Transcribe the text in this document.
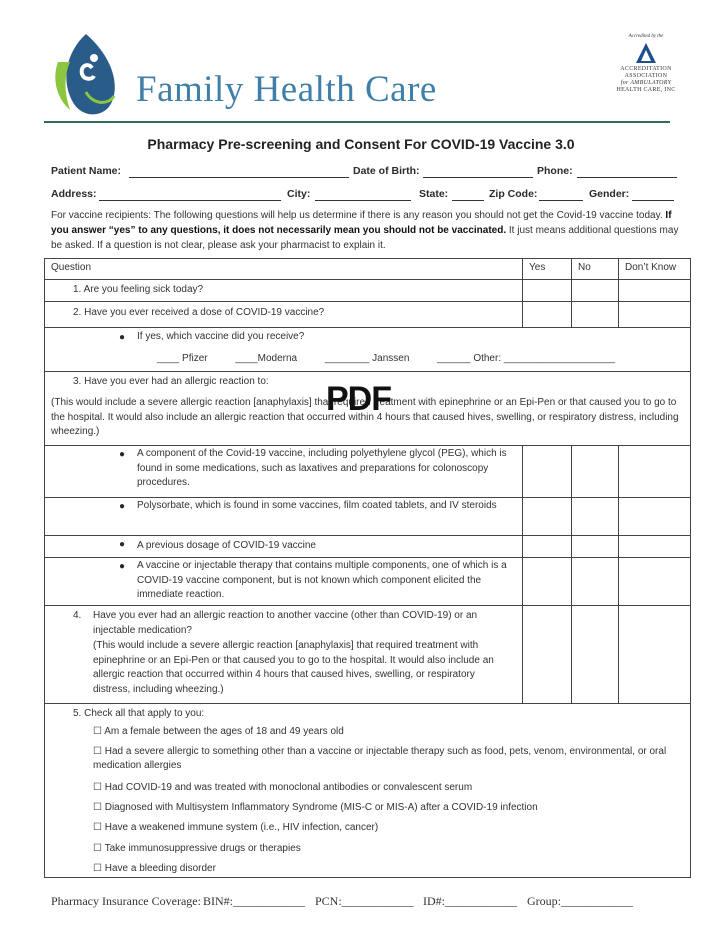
Family Health Care
Accredited by the
ACCREDITATION
ASSOCIATION
for AMBULATORY
HEALTH CARE, INC
Pharmacy Pre-screening and Consent For COVID-19 Vaccine 3.0
Patient Name:	Date of Birth:	Phone:
Address:	City:	State:	Zip Code:	Gender:
For vaccine recipients: The following questions will help us determine if there is any reason you should not get the Covid-19 vaccine today. If you answer “yes” to any questions, it does not necessarily mean you should not be vaccinated. It just means additional questions may be asked. If a question is not clear, please ask your pharmacist to explain it.
Question	Yes	No	Don’t Know
1. Are you feeling sick today?
2. Have you ever received a dose of COVID-19 vaccine?
● If yes, which vaccine did you receive?
____ Pfizer          ____Moderna          ________ Janssen          ______ Other: ____________________
3. Have you ever had an allergic reaction to:
(This would include a severe allergic reaction [anaphylaxis] that required treatment with epinephrine or an Epi-Pen or that caused you to go to the hospital. It would also include an allergic reaction that occurred within 4 hours that caused hives, swelling, or respiratory distress, including wheezing.)
● A component of the Covid-19 vaccine, including polyethylene glycol (PEG), which is found in some medications, such as laxatives and preparations for colonoscopy procedures.
● Polysorbate, which is found in some vaccines, film coated tablets, and IV steroids
● A previous dosage of COVID-19 vaccine
● A vaccine or injectable therapy that contains multiple components, one of which is a COVID-19 vaccine component, but is not known which component elicited the immediate reaction.
4. Have you ever had an allergic reaction to another vaccine (other than COVID-19) or an injectable medication?
(This would include a severe allergic reaction [anaphylaxis] that required treatment with epinephrine or an Epi-Pen or that caused you to go to the hospital. It would also include an allergic reaction that occurred within 4 hours that caused hives, swelling, or respiratory distress, including wheezing.)
5. Check all that apply to you:
☐ Am a female between the ages of 18 and 49 years old
☐ Had a severe allergic to something other than a vaccine or injectable therapy such as food, pets, venom, environmental, or oral medication allergies
☐ Had COVID-19 and was treated with monoclonal antibodies or convalescent serum
☐ Diagnosed with Multisystem Inflammatory Syndrome (MIS-C or MIS-A) after a COVID-19 infection
☐ Have a weakened immune system (i.e., HIV infection, cancer)
☐ Take immunosuppressive drugs or therapies
☐ Have a bleeding disorder
PDF
Pharmacy Insurance Coverage: BIN#:____________ PCN:____________ ID#:____________ Group:____________
